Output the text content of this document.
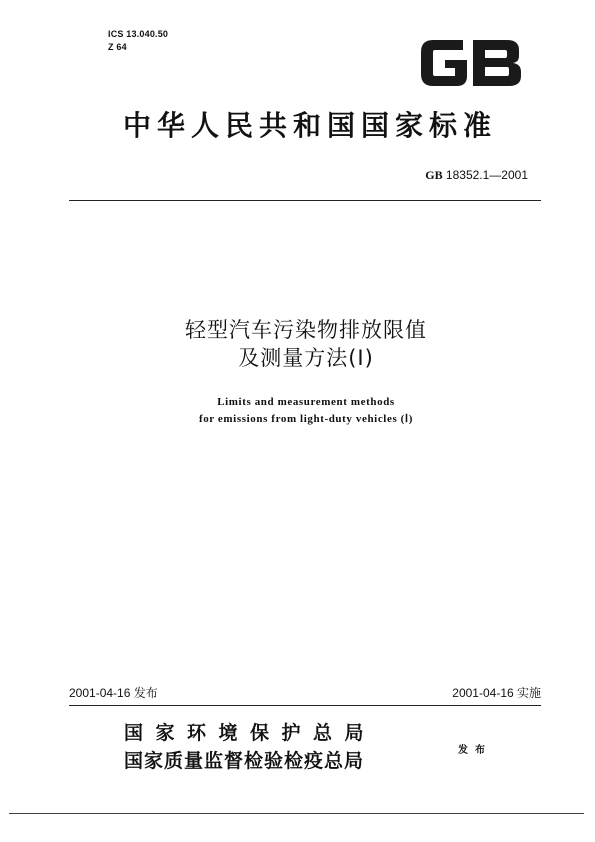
ICS 13.040.50
Z 64
中华人民共和国国家标准
GB 18352.1—2001
轻型汽车污染物排放限值
及测量方法(Ⅰ)
Limits and measurement methods
for emissions from light-duty vehicles (Ⅰ)
2001-04-16 发布	2001-04-16 实施
国家环境保护总局
国家质量监督检验检疫总局	发布
